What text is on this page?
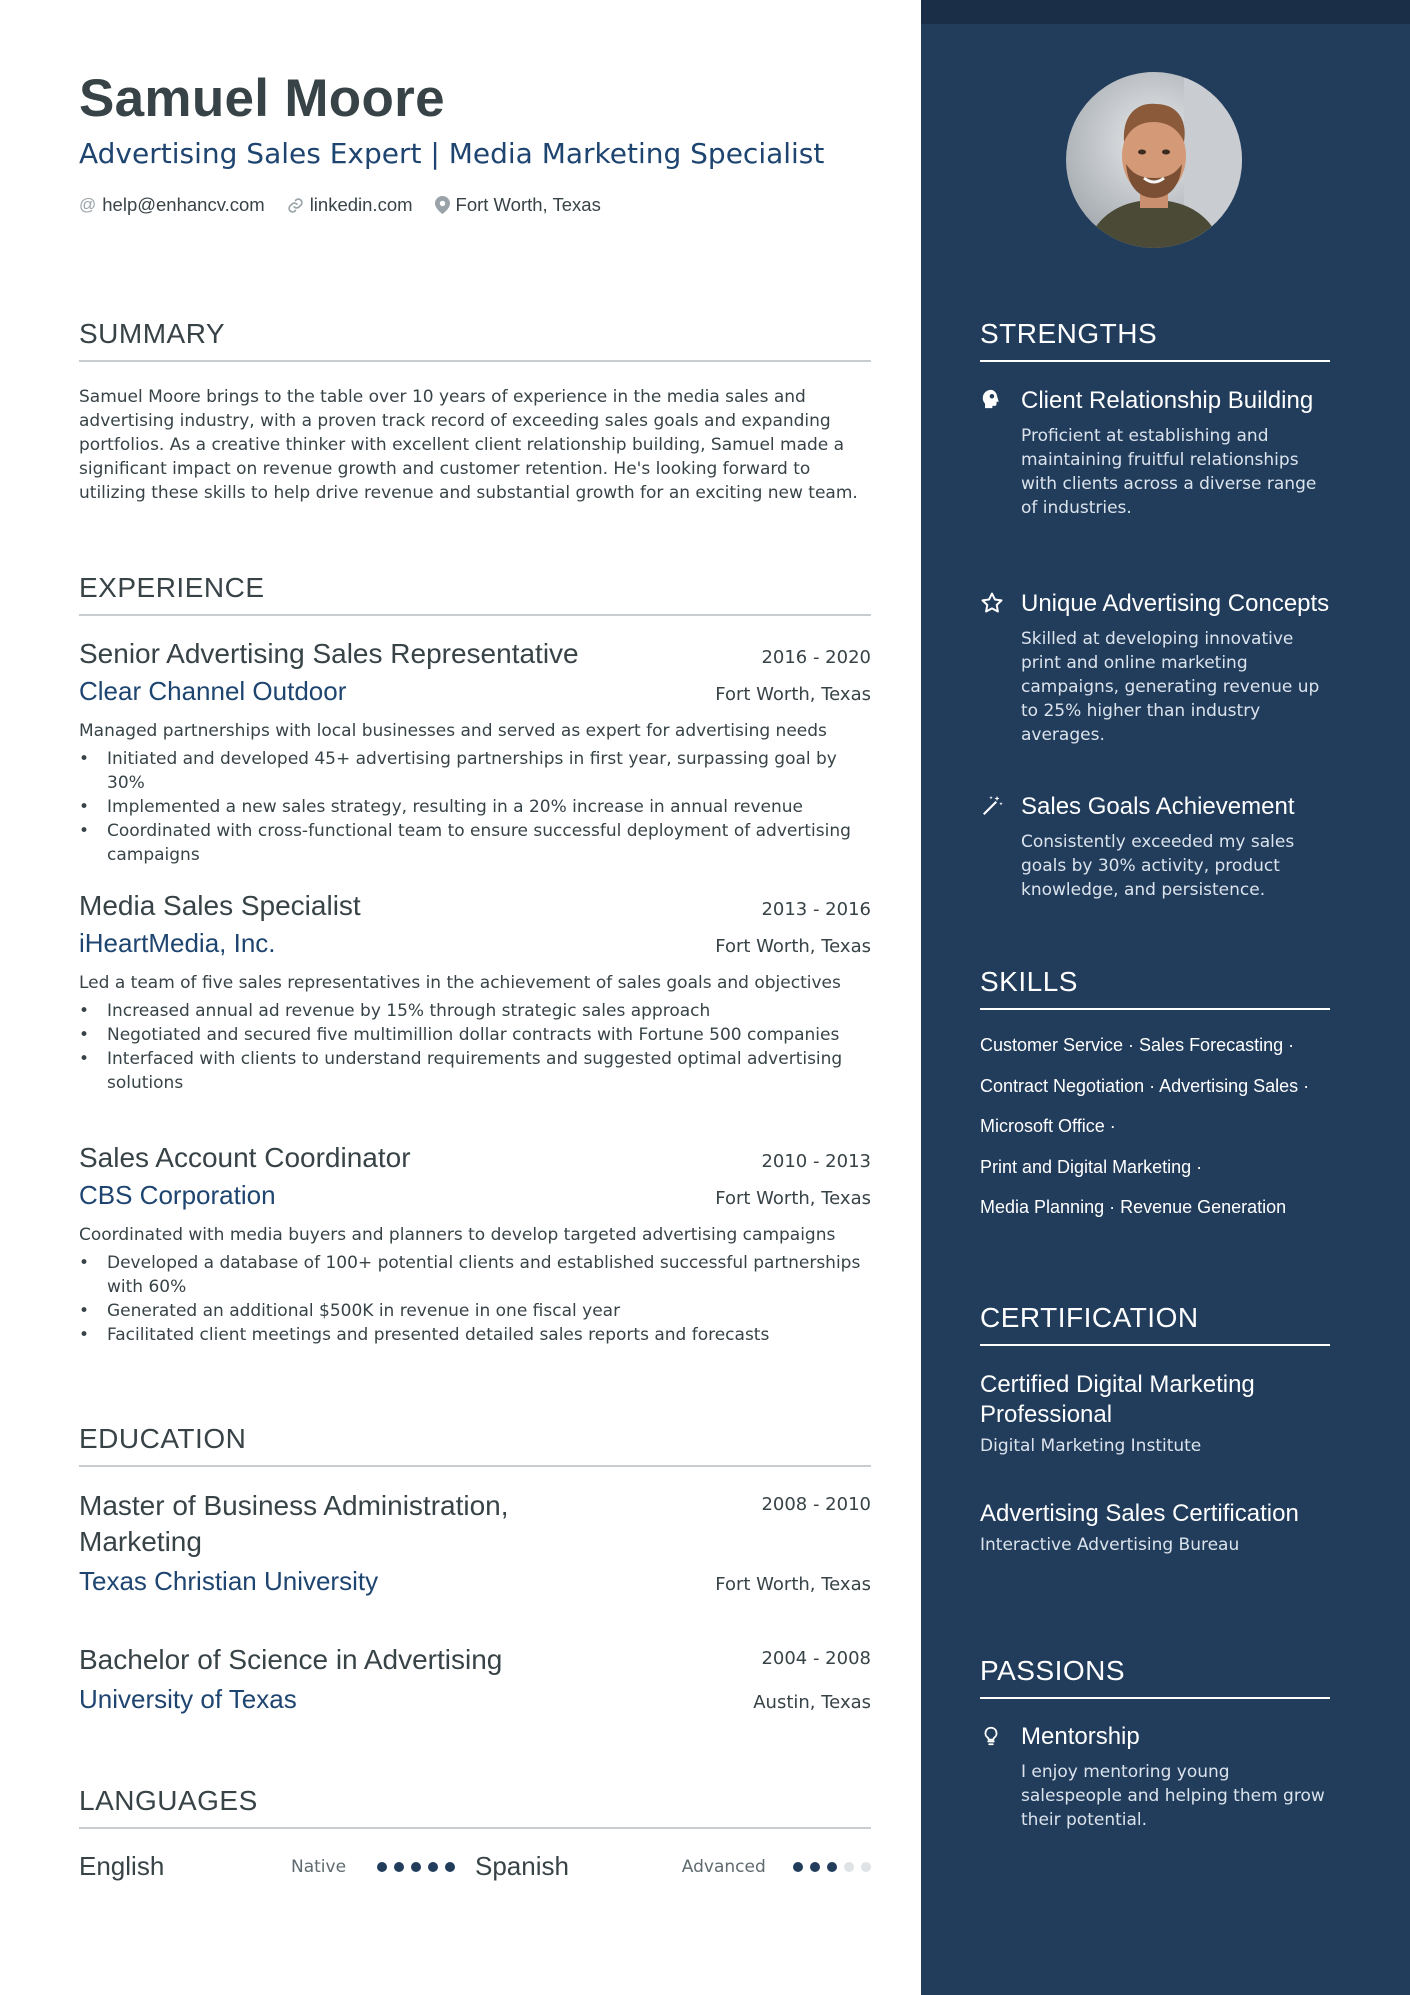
Samuel Moore
Advertising Sales Expert | Media Marketing Specialist
@ help@enhancv.com linkedin.com Fort Worth, Texas
SUMMARY
Samuel Moore brings to the table over 10 years of experience in the media sales and advertising industry, with a proven track record of exceeding sales goals and expanding portfolios. As a creative thinker with excellent client relationship building, Samuel made a significant impact on revenue growth and customer retention. He's looking forward to utilizing these skills to help drive revenue and substantial growth for an exciting new team.
EXPERIENCE
Senior Advertising Sales Representative	2016 - 2020
Clear Channel Outdoor	Fort Worth, Texas
Managed partnerships with local businesses and served as expert for advertising needs
• Initiated and developed 45+ advertising partnerships in first year, surpassing goal by 30%
• Implemented a new sales strategy, resulting in a 20% increase in annual revenue
• Coordinated with cross-functional team to ensure successful deployment of advertising campaigns
Media Sales Specialist	2013 - 2016
iHeartMedia, Inc.	Fort Worth, Texas
Led a team of five sales representatives in the achievement of sales goals and objectives
• Increased annual ad revenue by 15% through strategic sales approach
• Negotiated and secured five multimillion dollar contracts with Fortune 500 companies
• Interfaced with clients to understand requirements and suggested optimal advertising solutions
Sales Account Coordinator	2010 - 2013
CBS Corporation	Fort Worth, Texas
Coordinated with media buyers and planners to develop targeted advertising campaigns
• Developed a database of 100+ potential clients and established successful partnerships with 60%
• Generated an additional $500K in revenue in one fiscal year
• Facilitated client meetings and presented detailed sales reports and forecasts
EDUCATION
Master of Business Administration, Marketing
2008 - 2010
Texas Christian University	Fort Worth, Texas
Bachelor of Science in Advertising	2004 - 2008
University of Texas	Austin, Texas
LANGUAGES
English	Native	Spanish	Advanced
STRENGTHS
Client Relationship Building
Proficient at establishing and maintaining fruitful relationships with clients across a diverse range of industries.
Unique Advertising Concepts
Skilled at developing innovative print and online marketing campaigns, generating revenue up to 25% higher than industry averages.
Sales Goals Achievement
Consistently exceeded my sales goals by 30% activity, product knowledge, and persistence.
SKILLS
Customer Service · Sales Forecasting ·
Contract Negotiation · Advertising Sales ·
Microsoft Office ·
Print and Digital Marketing ·
Media Planning · Revenue Generation
CERTIFICATION
Certified Digital Marketing Professional
Digital Marketing Institute
Advertising Sales Certification
Interactive Advertising Bureau
PASSIONS
Mentorship
I enjoy mentoring young salespeople and helping them grow their potential.
